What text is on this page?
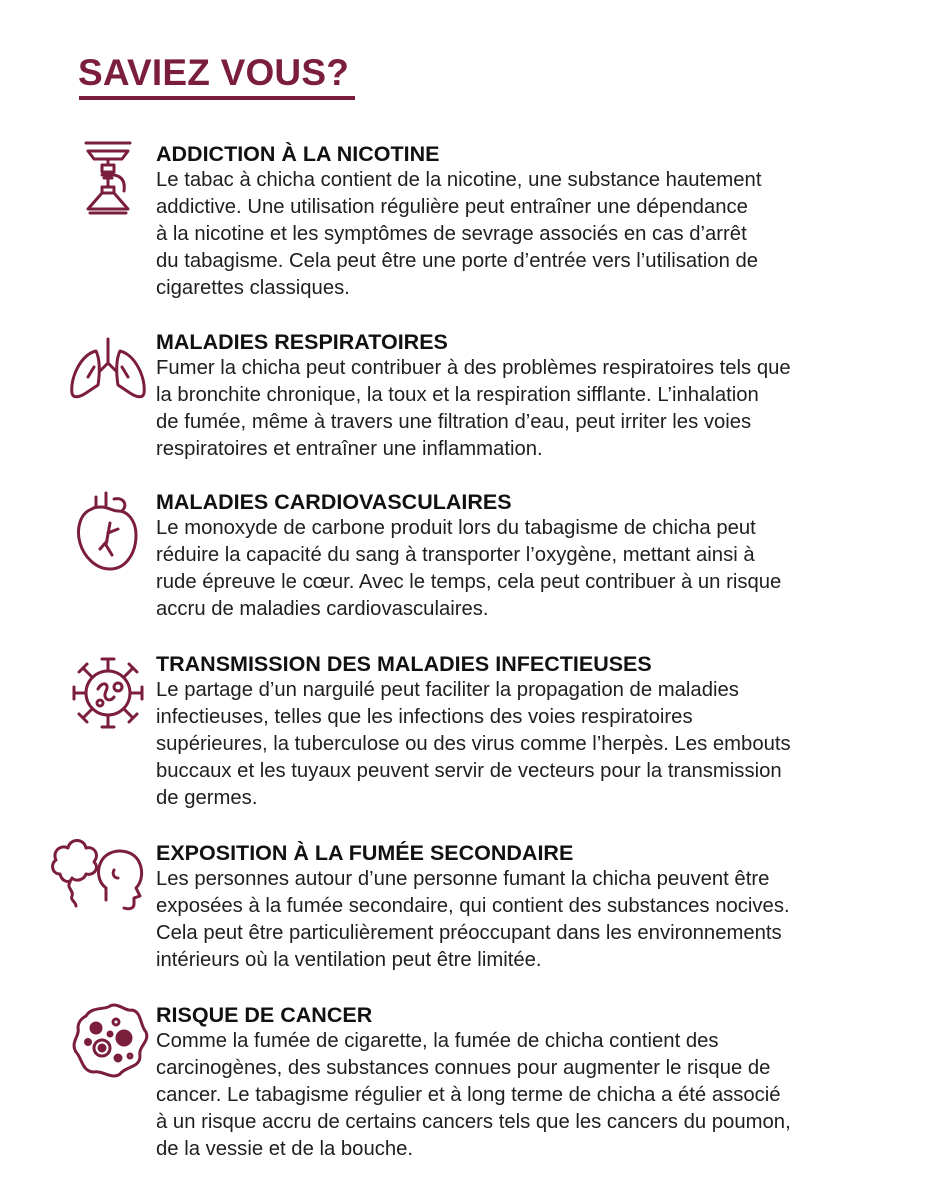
SAVIEZ VOUS?
ADDICTION À LA NICOTINE

Le tabac à chicha contient de la nicotine, une substance hautement
addictive. Une utilisation régulière peut entraîner une dépendance
à la nicotine et les symptômes de sevrage associés en cas d’arrêt
du tabagisme. Cela peut être une porte d’entrée vers l’utilisation de
cigarettes classiques.

MALADIES RESPIRATOIRES

Fumer la chicha peut contribuer à des problèmes respiratoires tels que
la bronchite chronique, la toux et la respiration sifflante. L’inhalation
de fumée, même à travers une filtration d’eau, peut irriter les voies
respiratoires et entraîner une inflammation.

MALADIES CARDIOVASCULAIRES

Le monoxyde de carbone produit lors du tabagisme de chicha peut
réduire la capacité du sang à transporter l’oxygène, mettant ainsi à
rude épreuve le cœur. Avec le temps, cela peut contribuer à un risque
accru de maladies cardiovasculaires.

TRANSMISSION DES MALADIES INFECTIEUSES

Le partage d’un narguilé peut faciliter la propagation de maladies
infectieuses, telles que les infections des voies respiratoires
supérieures, la tuberculose ou des virus comme l’herpès. Les embouts
buccaux et les tuyaux peuvent servir de vecteurs pour la transmission
de germes.

EXPOSITION À LA FUMÉE SECONDAIRE

Les personnes autour d’une personne fumant la chicha peuvent être
exposées à la fumée secondaire, qui contient des substances nocives.
Cela peut être particulièrement préoccupant dans les environnements
intérieurs où la ventilation peut être limitée.

RISQUE DE CANCER

Comme la fumée de cigarette, la fumée de chicha contient des
carcinogènes, des substances connues pour augmenter le risque de
cancer. Le tabagisme régulier et à long terme de chicha a été associé
à un risque accru de certains cancers tels que les cancers du poumon,
de la vessie et de la bouche.
